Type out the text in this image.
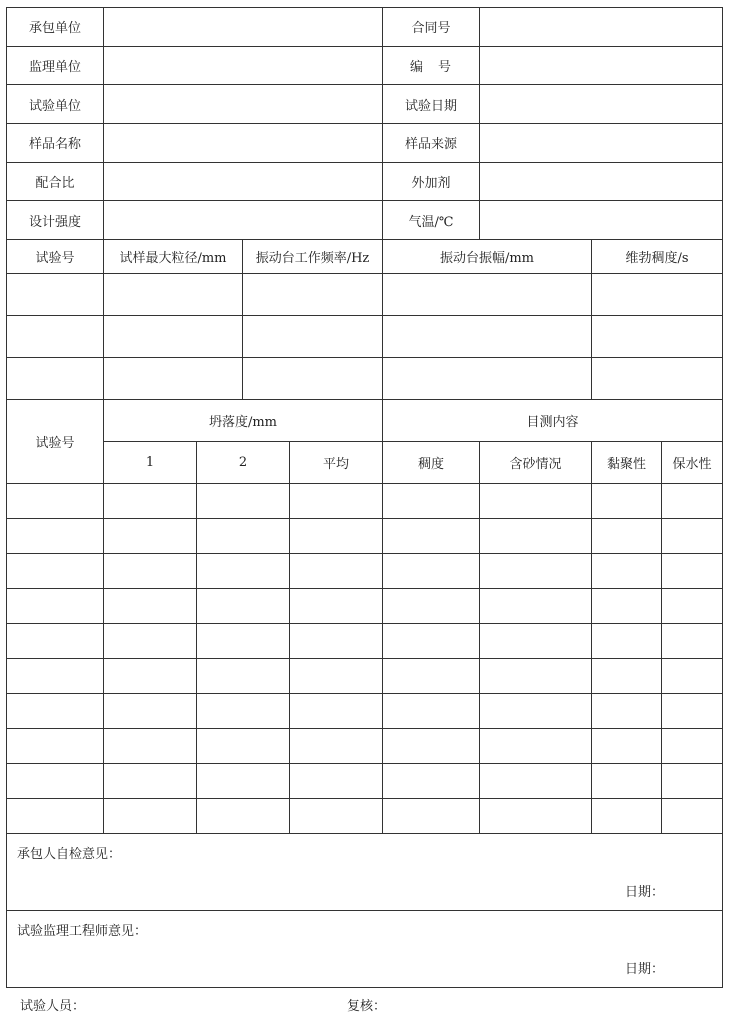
承包单位					合同号			
监理单位					编　号			
试验单位					试验日期			
样品名称					样品来源			
配合比					外加剂			
设计强度					气温/℃			
试验号	试样最大粒径/mm		振动台工作频率/Hz		振动台振幅/mm		维勃稠度/s	

试验号	坍落度/mm				目测内容			
	1	2		平均	稠度	含砂情况	黏聚性	保水性

承包人自检意见：
日期：								

试验监理工程师意见：
日期：								
试验人员：	复核：
